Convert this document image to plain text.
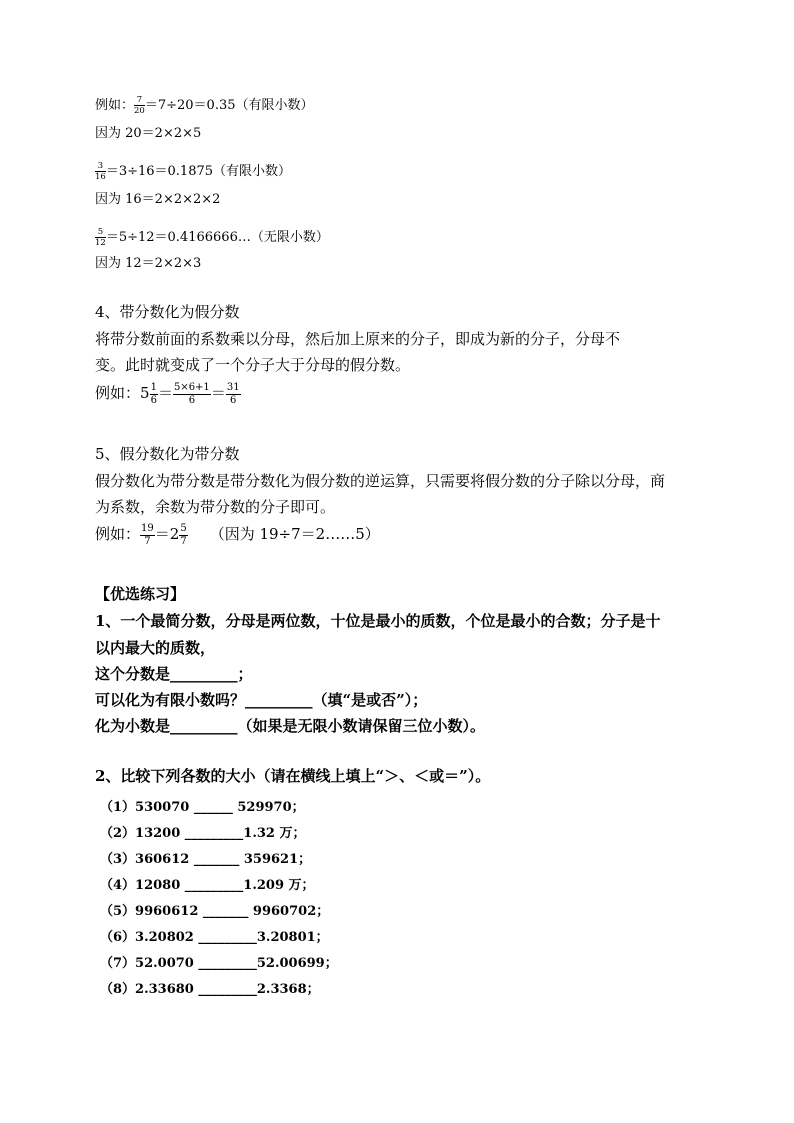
例如： $\frac{7}{20} =7\div 20=0.35$（有限小数）
因为 20＝2×2×5
$\frac{3}{16} =3\div 16=0.1875$（有限小数）
因为 16＝2×2×2×2
$\frac{5}{12}$ ＝5÷12＝0.4166666…（无限小数）
因为 12＝2×2×3
4、带分数化为假分数
将带分数前面的系数乘以分母，然后加上原来的分子，即成为新的分子，分母不
变。此时就变成了一个分子大于分母的假分数。
例如：$5 \frac{1}{6} = \frac{5\times 6+1}{6} = \frac{31}{6}$
5、假分数化为带分数
假分数化为带分数是带分数化为假分数的逆运算，只需要将假分数的分子除以分母，商
为系数，余数为带分数的分子即可。
例如： $\frac{19}{7} =2 \frac{5}{7}$ （因为 19÷7＝2……5）
【优选练习】
1、一个最简分数，分母是两位数，十位是最小的质数，个位是最小的合数；分子是十
以内最大的质数，
这个分数是_________；
可以化为有限小数吗？_________（填“是或否”）；
化为小数是_________（如果是无限小数请保留三位小数）。
2、比较下列各数的大小（请在横线上填上“＞、＜或＝”）。
（1）530070 ______ 529970；
（2）13200 _________1.32 万；
（3）360612 _______ 359621；
（4）12080 _________1.209 万；
（5）9960612 _______ 9960702；
（6）3.20802 _________3.20801；
（7）52.0070 _________52.00699；
（8）2.33680 _________2.3368；
